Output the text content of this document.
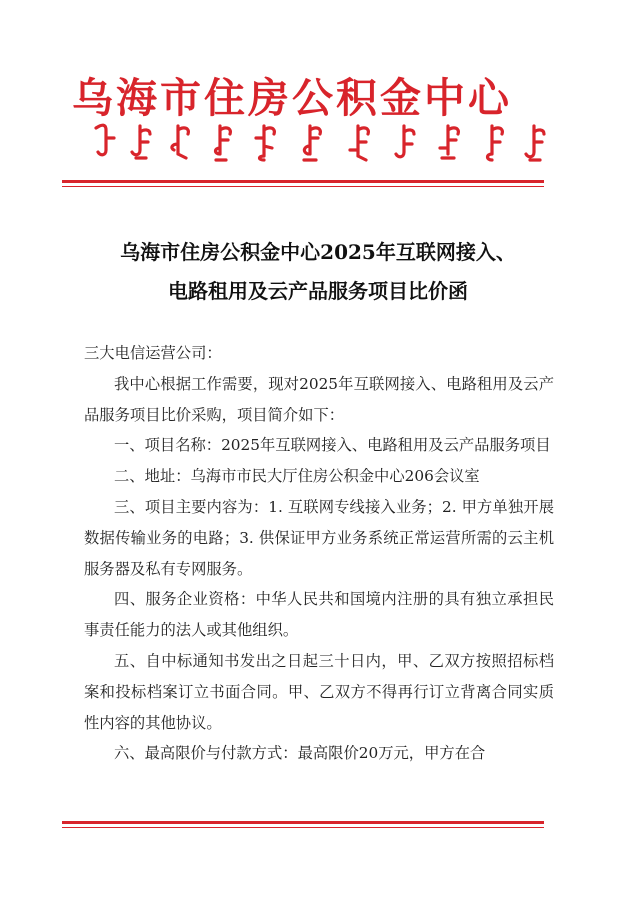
乌海市住房公积金中心
乌海市住房公积金中心2025年互联网接入、
电路租用及云产品服务项目比价函

三大电信运营公司：

我中心根据工作需要，现对2025年互联网接入、电路租用及云产品服务项目比价采购，项目简介如下：

一、项目名称：2025年互联网接入、电路租用及云产品服务项目

二、地址：乌海市市民大厅住房公积金中心206会议室

三、项目主要内容为：1. 互联网专线接入业务；2. 甲方单独开展数据传输业务的电路；3. 供保证甲方业务系统正常运营所需的云主机服务器及私有专网服务。

四、服务企业资格：中华人民共和国境内注册的具有独立承担民事责任能力的法人或其他组织。

五、自中标通知书发出之日起三十日内，甲、乙双方按照招标档案和投标档案订立书面合同。甲、乙双方不得再行订立背离合同实质性内容的其他协议。

六、最高限价与付款方式：最高限价20万元，甲方在合
